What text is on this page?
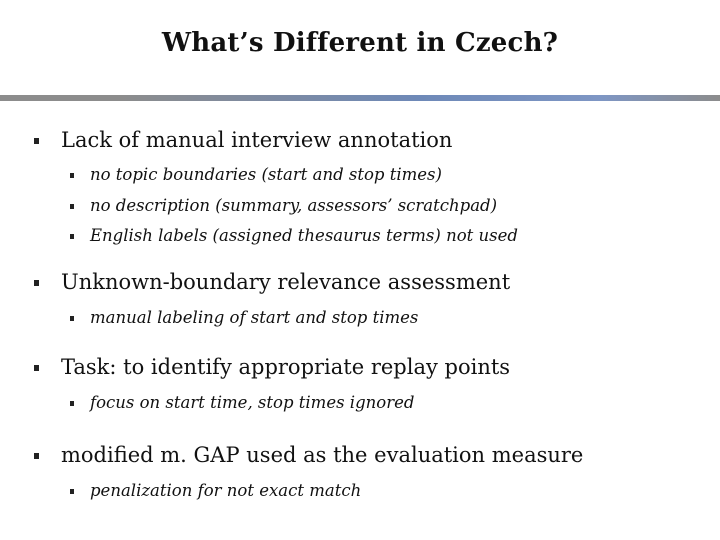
What’s Different in Czech?
Lack of manual interview annotation
no topic boundaries (start and stop times)
no description (summary, assessors’ scratchpad)
English labels (assigned thesaurus terms) not used
Unknown-boundary relevance assessment
manual labeling of start and stop times
Task: to identify appropriate replay points
focus on start time, stop times ignored
modified m. GAP used as the evaluation measure
penalization for not exact match
